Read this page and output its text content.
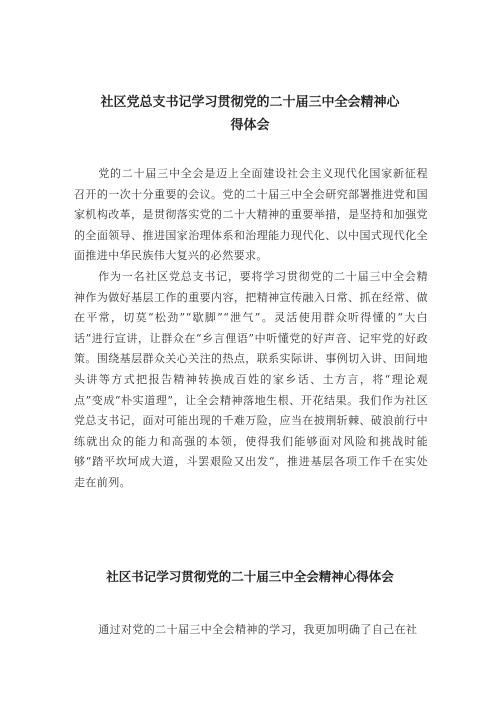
社区党总支书记学习贯彻党的二十届三中全会精神心
得体会

党的二十届三中全会是迈上全面建设社会主义现代化国家新征程召开的一次十分重要的会议。党的二十届三中全会研究部署推进党和国家机构改革，是贯彻落实党的二十大精神的重要举措，是坚持和加强党的全面领导、推进国家治理体系和治理能力现代化、以中国式现代化全面推进中华民族伟大复兴的必然要求。

作为一名社区党总支书记，要将学习贯彻党的二十届三中全会精神作为做好基层工作的重要内容，把精神宣传融入日常、抓在经常、做在平常，切莫“松劲”“歇脚”“泄气”。灵活使用群众听得懂的“大白话”进行宣讲，让群众在“乡言俚语”中听懂党的好声音、记牢党的好政策。围绕基层群众关心关注的热点，联系实际讲、事例切入讲、田间地头讲等方式把报告精神转换成百姓的家乡话、土方言，将“理论观点”变成“朴实道理”，让全会精神落地生根、开花结果。我们作为社区党总支书记，面对可能出现的千难万险，应当在披荆斩棘、破浪前行中练就出众的能力和高强的本领，使得我们能够面对风险和挑战时能够“踏平坎坷成大道，斗罢艰险又出发“，推进基层各项工作千在实处走在前列。

社区书记学习贯彻党的二十届三中全会精神心得体会

通过对党的二十届三中全会精神的学习，我更加明确了自己在社
